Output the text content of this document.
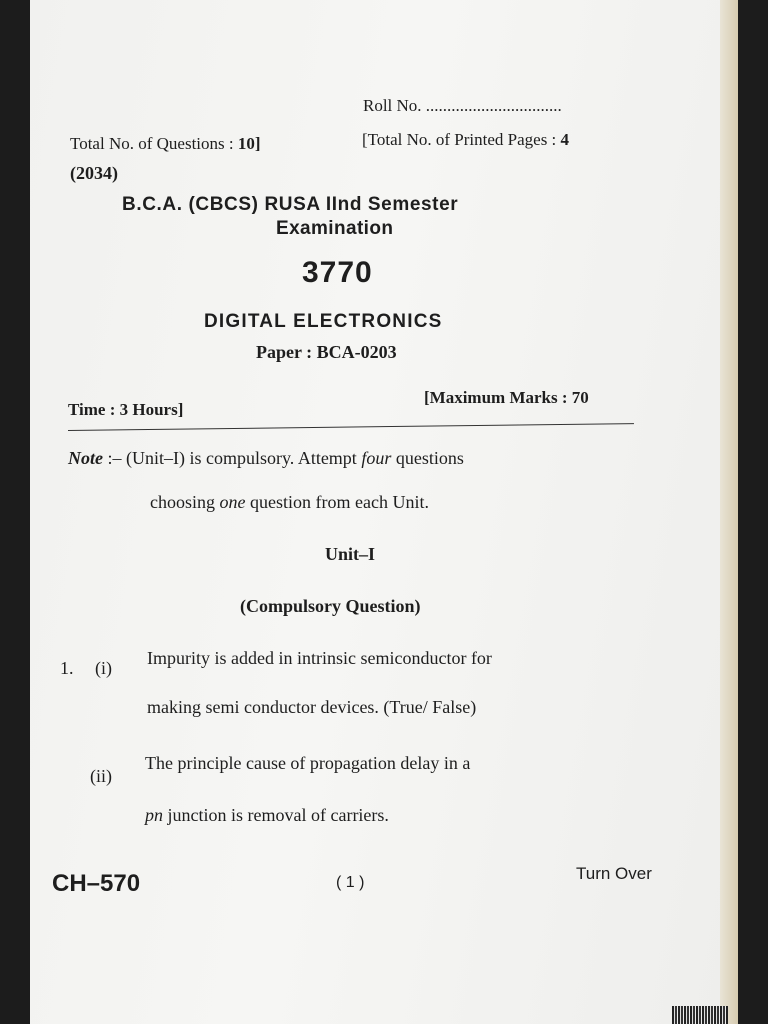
Roll No. ................................
Total No. of Questions : 10]	[Total No. of Printed Pages : 4
(2034)
B.C.A. (CBCS) RUSA IInd Semester
Examination
3770
DIGITAL ELECTRONICS
Paper : BCA-0203
Time : 3 Hours]
[Maximum Marks : 70
Note :– (Unit–I) is compulsory. Attempt four questions
choosing one question from each Unit.
Unit–I
(Compulsory Question)
1. (i) Impurity is added in intrinsic semiconductor for
making semi conductor devices. (True/ False)
(ii)
The principle cause of propagation delay in a
pn junction is removal of carriers.
CH–570	( 1 )	Turn Over
